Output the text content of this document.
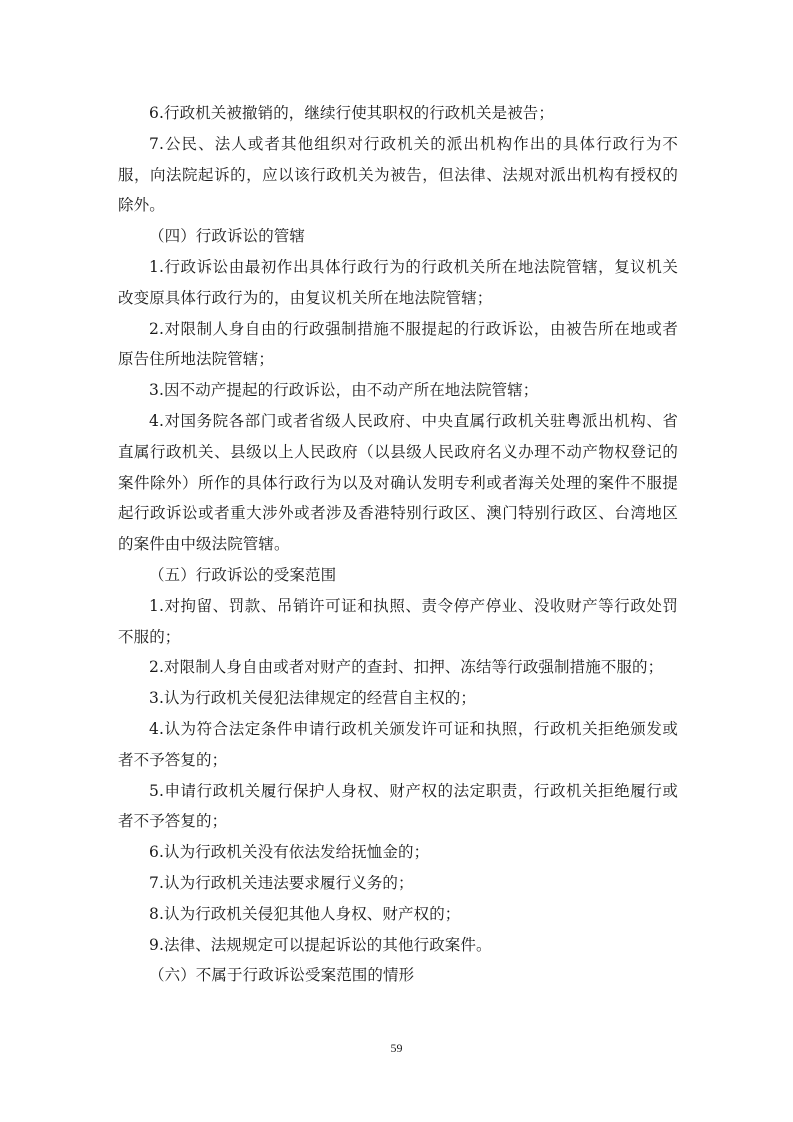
6.行政机关被撤销的，继续行使其职权的行政机关是被告；

7.公民、法人或者其他组织对行政机关的派出机构作出的具体行政行为不服，向法院起诉的，应以该行政机关为被告，但法律、法规对派出机构有授权的除外。

（四）行政诉讼的管辖

1.行政诉讼由最初作出具体行政行为的行政机关所在地法院管辖，复议机关改变原具体行政行为的，由复议机关所在地法院管辖；

2.对限制人身自由的行政强制措施不服提起的行政诉讼，由被告所在地或者原告住所地法院管辖；

3.因不动产提起的行政诉讼，由不动产所在地法院管辖；

4.对国务院各部门或者省级人民政府、中央直属行政机关驻粤派出机构、省直属行政机关、县级以上人民政府（以县级人民政府名义办理不动产物权登记的案件除外）所作的具体行政行为以及对确认发明专利或者海关处理的案件不服提起行政诉讼或者重大涉外或者涉及香港特别行政区、澳门特别行政区、台湾地区的案件由中级法院管辖。

（五）行政诉讼的受案范围

1.对拘留、罚款、吊销许可证和执照、责令停产停业、没收财产等行政处罚不服的；

2.对限制人身自由或者对财产的查封、扣押、冻结等行政强制措施不服的；

3.认为行政机关侵犯法律规定的经营自主权的；

4.认为符合法定条件申请行政机关颁发许可证和执照，行政机关拒绝颁发或者不予答复的；

5.申请行政机关履行保护人身权、财产权的法定职责，行政机关拒绝履行或者不予答复的；

6.认为行政机关没有依法发给抚恤金的；

7.认为行政机关违法要求履行义务的；

8.认为行政机关侵犯其他人身权、财产权的；

9.法律、法规规定可以提起诉讼的其他行政案件。

（六）不属于行政诉讼受案范围的情形

59
